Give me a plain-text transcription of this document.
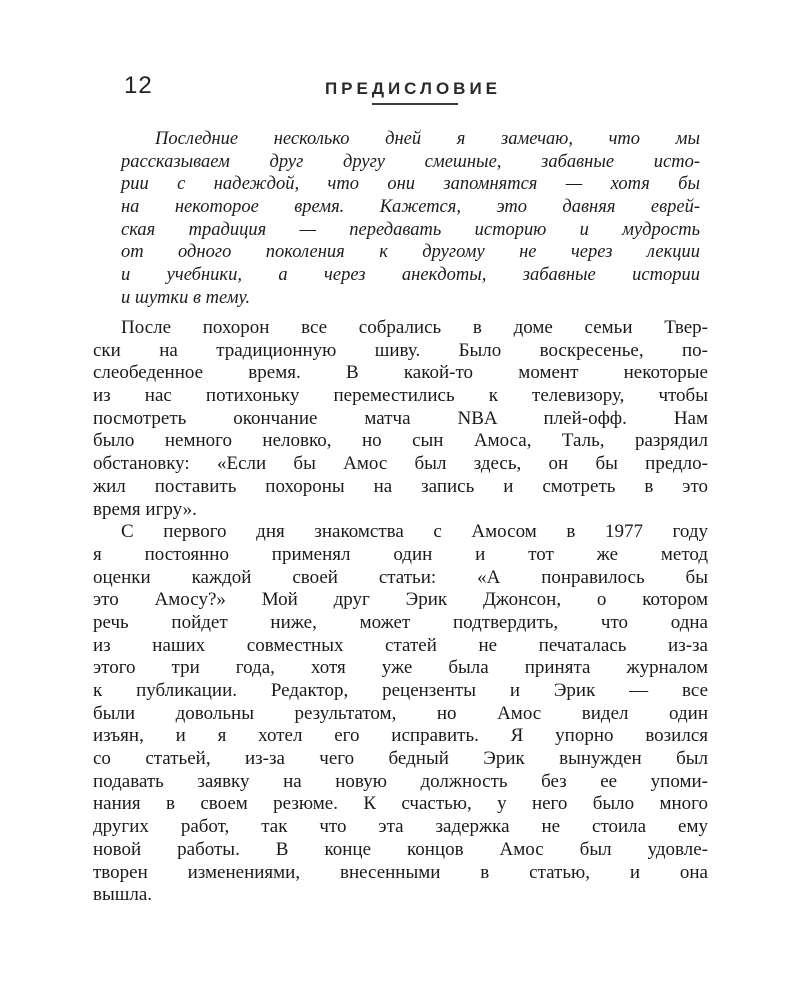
12	ПРЕДИСЛОВИЕ
Последние несколько дней я замечаю, что мы
рассказываем друг другу смешные, забавные исто-
рии с надеждой, что они запомнятся — хотя бы
на некоторое время. Кажется, это давняя еврей-
ская традиция — передавать историю и мудрость
от одного поколения к другому не через лекции
и учебники, а через анекдоты, забавные истории
и шутки в тему.
После похорон все собрались в доме семьи Твер-
ски на традиционную шиву. Было воскресенье, по-
слеобеденное время. В какой-то момент некоторые
из нас потихоньку переместились к телевизору, чтобы
посмотреть окончание матча NBA плей-офф. Нам
было немного неловко, но сын Амоса, Таль, разрядил
обстановку: «Если бы Амос был здесь, он бы предло-
жил поставить похороны на запись и смотреть в это
время игру».
С первого дня знакомства с Амосом в 1977 году
я постоянно применял один и тот же метод
оценки каждой своей статьи: «А понравилось бы
это Амосу?» Мой друг Эрик Джонсон, о котором
речь пойдет ниже, может подтвердить, что одна
из наших совместных статей не печаталась из-за
этого три года, хотя уже была принята журналом
к публикации. Редактор, рецензенты и Эрик — все
были довольны результатом, но Амос видел один
изъян, и я хотел его исправить. Я упорно возился
со статьей, из-за чего бедный Эрик вынужден был
подавать заявку на новую должность без ее упоми-
нания в своем резюме. К счастью, у него было много
других работ, так что эта задержка не стоила ему
новой работы. В конце концов Амос был удовле-
творен изменениями, внесенными в статью, и она
вышла.
